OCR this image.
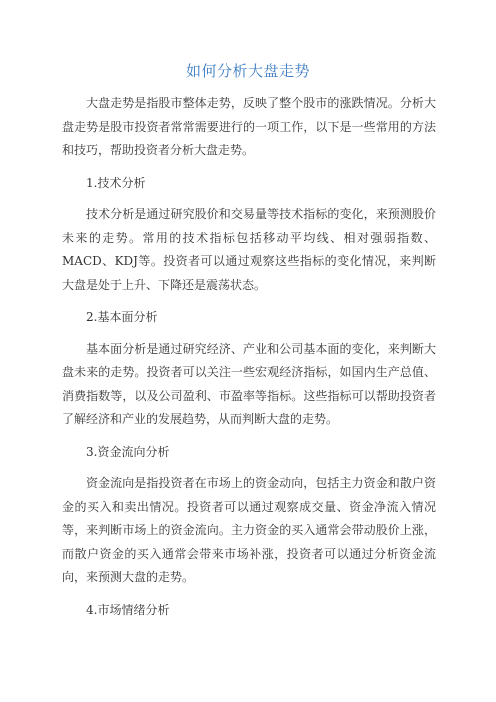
如何分析大盘走势

大盘走势是指股市整体走势，反映了整个股市的涨跌情况。分析大盘走势是股市投资者常常需要进行的一项工作，以下是一些常用的方法和技巧，帮助投资者分析大盘走势。

1.技术分析

技术分析是通过研究股价和交易量等技术指标的变化，来预测股价未来的走势。常用的技术指标包括移动平均线、相对强弱指数、MACD、KDJ等。投资者可以通过观察这些指标的变化情况，来判断大盘是处于上升、下降还是震荡状态。

2.基本面分析

基本面分析是通过研究经济、产业和公司基本面的变化，来判断大盘未来的走势。投资者可以关注一些宏观经济指标，如国内生产总值、消费指数等，以及公司盈利、市盈率等指标。这些指标可以帮助投资者了解经济和产业的发展趋势，从而判断大盘的走势。

3.资金流向分析

资金流向是指投资者在市场上的资金动向，包括主力资金和散户资金的买入和卖出情况。投资者可以通过观察成交量、资金净流入情况等，来判断市场上的资金流向。主力资金的买入通常会带动股价上涨，而散户资金的买入通常会带来市场补涨，投资者可以通过分析资金流向，来预测大盘的走势。

4.市场情绪分析
